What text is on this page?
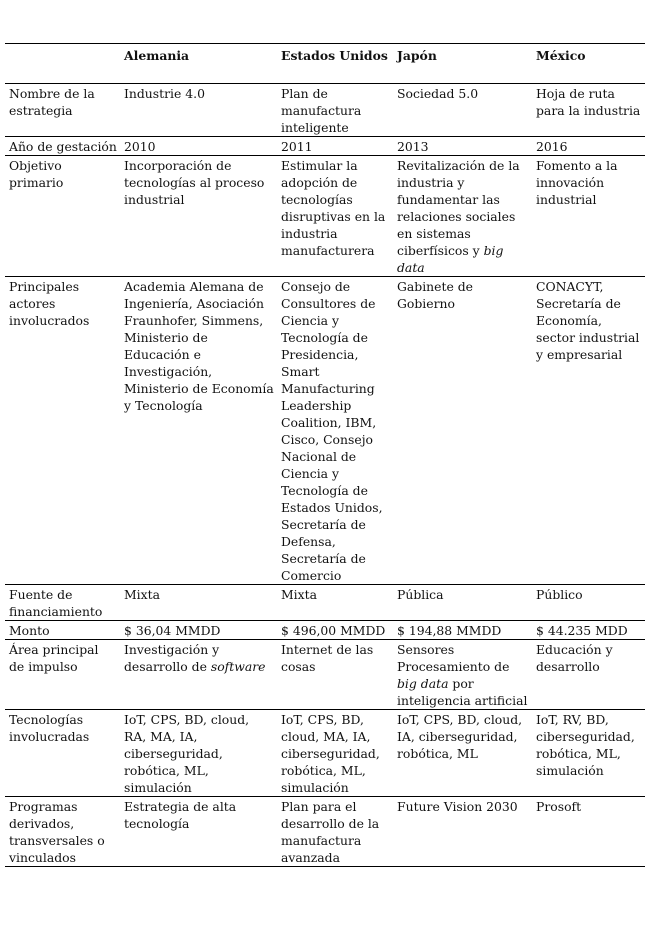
	Alemania	Estados Unidos	Japón	México
Nombre de la estrategia	Industrie 4.0	Plan de manufactura inteligente	Sociedad 5.0	Hoja de ruta para la industria
Año de gestación	2010	2011	2013	2016
Objetivo primario	Incorporación de tecnologías al proceso industrial	Estimular la adopción de tecnologías disruptivas en la industria manufacturera	Revitalización de la industria y fundamentar las relaciones sociales en sistemas ciberfísicos y big data	Fomento a la innovación industrial
Principales actores involucrados	Academia Alemana de Ingeniería, Asociación Fraunhofer, Simmens, Ministerio de Educación e Investigación, Ministerio de Economía y Tecnología	Consejo de Consultores de Ciencia y Tecnología de Presidencia, Smart Manufacturing Leadership Coalition, IBM, Cisco, Consejo Nacional de Ciencia y Tecnología de Estados Unidos, Secretaría de Defensa, Secretaría de Comercio	Gabinete de Gobierno	CONACYT, Secretaría de Economía, sector industrial y empresarial
Fuente de financiamiento	Mixta	Mixta	Pública	Público
Monto	$ 36,04 MMDD	$ 496,00 MMDD	$ 194,88 MMDD	$ 44.235 MDD
Área principal de impulso	Investigación y desarrollo de software	Internet de las cosas	Sensores Procesamiento de big data por inteligencia artificial	Educación y desarrollo
Tecnologías involucradas	IoT, CPS, BD, cloud, RA, MA, IA, ciberseguridad, robótica, ML, simulación	IoT, CPS, BD, cloud, MA, IA, ciberseguridad, robótica, ML, simulación	IoT, CPS, BD, cloud, IA, ciberseguridad, robótica, ML	IoT, RV, BD, ciberseguridad, robótica, ML, simulación
Programas derivados, transversales o vinculados	Estrategia de alta tecnología	Plan para el desarrollo de la manufactura avanzada	Future Vision 2030	Prosoft
